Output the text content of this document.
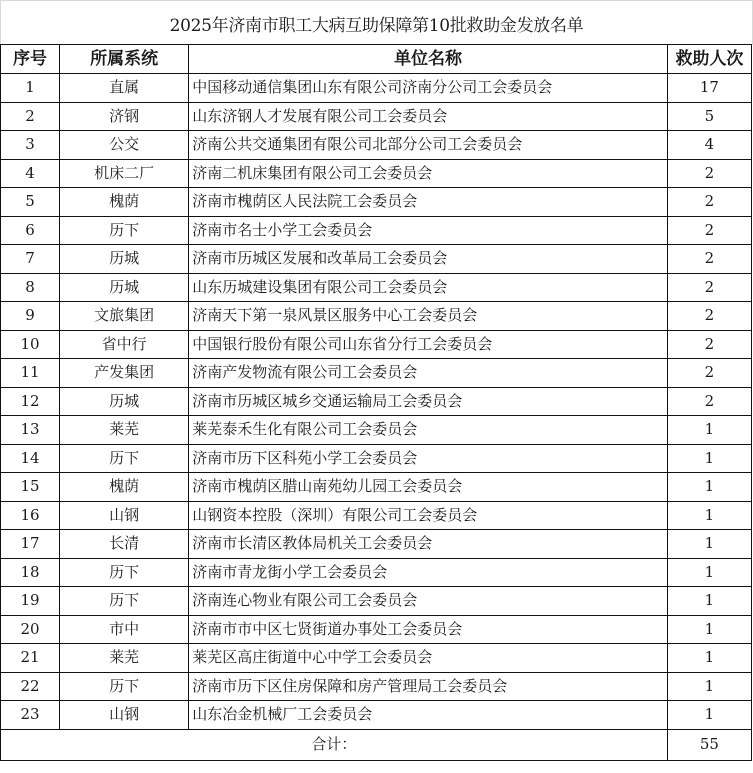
2025年济南市职工大病互助保障第10批救助金发放名单
序号	所属系统	单位名称	救助人次
1	直属	中国移动通信集团山东有限公司济南分公司工会委员会	17
2	济钢	山东济钢人才发展有限公司工会委员会	5
3	公交	济南公共交通集团有限公司北部分公司工会委员会	4
4	机床二厂	济南二机床集团有限公司工会委员会	2
5	槐荫	济南市槐荫区人民法院工会委员会	2
6	历下	济南市名士小学工会委员会	2
7	历城	济南市历城区发展和改革局工会委员会	2
8	历城	山东历城建设集团有限公司工会委员会	2
9	文旅集团	济南天下第一泉风景区服务中心工会委员会	2
10	省中行	中国银行股份有限公司山东省分行工会委员会	2
11	产发集团	济南产发物流有限公司工会委员会	2
12	历城	济南市历城区城乡交通运输局工会委员会	2
13	莱芜	莱芜泰禾生化有限公司工会委员会	1
14	历下	济南市历下区科苑小学工会委员会	1
15	槐荫	济南市槐荫区腊山南苑幼儿园工会委员会	1
16	山钢	山钢资本控股（深圳）有限公司工会委员会	1
17	长清	济南市长清区教体局机关工会委员会	1
18	历下	济南市青龙街小学工会委员会	1
19	历下	济南连心物业有限公司工会委员会	1
20	市中	济南市市中区七贤街道办事处工会委员会	1
21	莱芜	莱芜区高庄街道中心中学工会委员会	1
22	历下	济南市历下区住房保障和房产管理局工会委员会	1
23	山钢	山东冶金机械厂工会委员会	1
合计：			55
